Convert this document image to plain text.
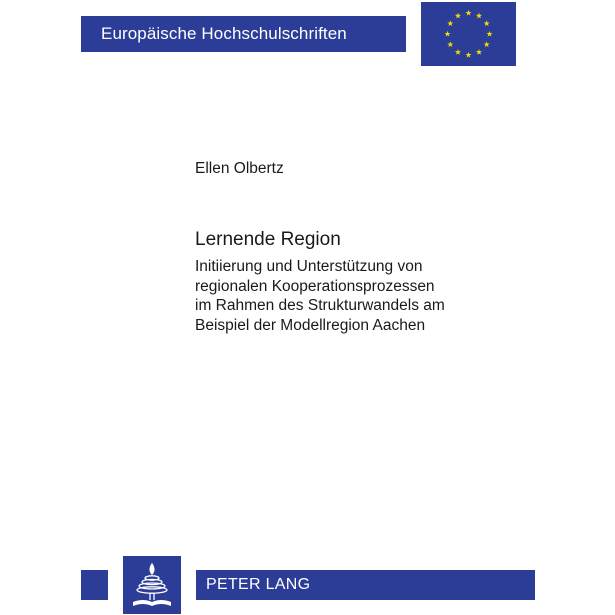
Europäische Hochschulschriften
Ellen Olbertz
Lernende Region
Initiierung und Unterstützung von
regionalen Kooperationsprozessen
im Rahmen des Strukturwandels am
Beispiel der Modellregion Aachen
PETER LANG
